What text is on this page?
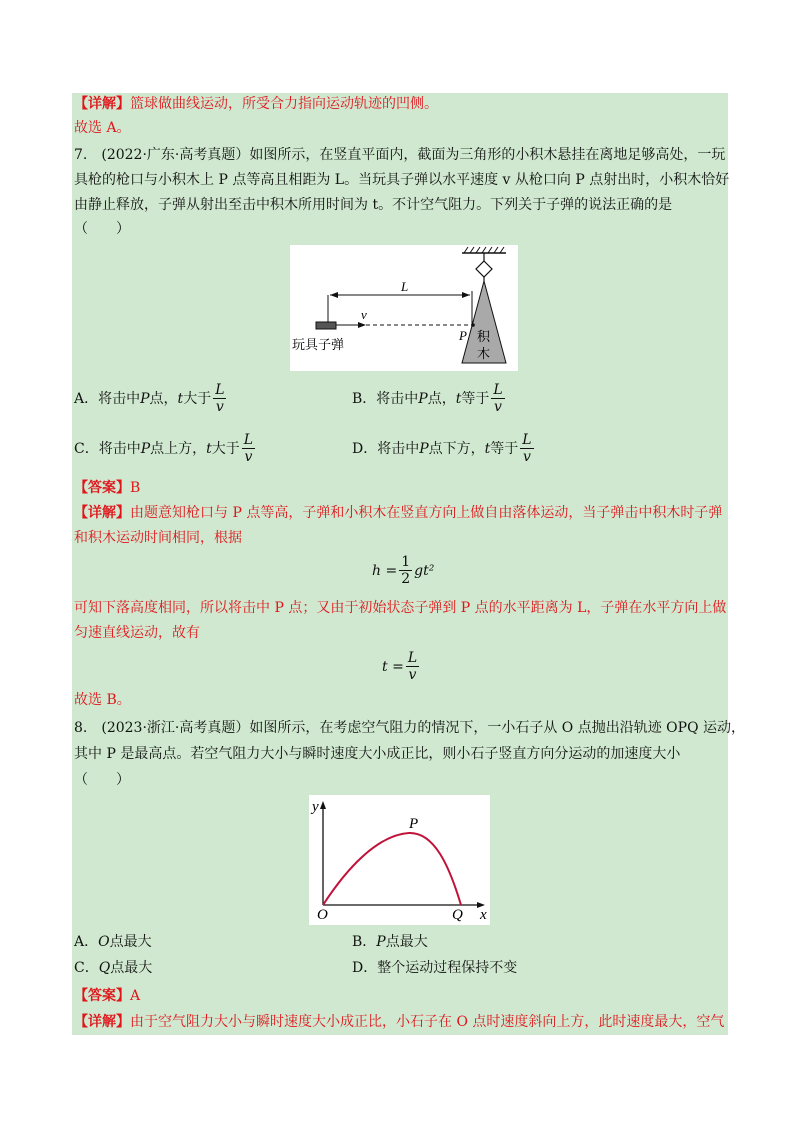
【详解】篮球做曲线运动，所受合力指向运动轨迹的凹侧。
故选 A。
7.　(2022·广东·高考真题）如图所示，在竖直平面内，截面为三角形的小积木悬挂在离地足够高处，一玩
具枪的枪口与小积木上 P 点等高且相距为 L。当玩具子弹以水平速度 v 从枪口向 P 点射出时，小积木恰好
由静止释放，子弹从射出至击中积木所用时间为 t。不计空气阻力。下列关于子弹的说法正确的是
（　　）
L
v
P
玩具子弹
积
木
A．将击中 P 点， t 大于 $\frac{L}{v}$	B．将击中 P 点， t 等于 $\frac{L}{v}$
C．将击中 P 点上方， t 大于 $\frac{L}{v}$	D．将击中 P 点下方， t 等于 $\frac{L}{v}$
【答案】B
【详解】由题意知枪口与 P 点等高，子弹和小积木在竖直方向上做自由落体运动，当子弹击中积木时子弹
和积木运动时间相同，根据
$h = \frac{1}{2} gt^2$
可知下落高度相同，所以将击中 P 点；又由于初始状态子弹到 P 点的水平距离为 L，子弹在水平方向上做
匀速直线运动，故有
$t = \frac{L}{v}$
故选 B。
8.　(2023·浙江·高考真题）如图所示，在考虑空气阻力的情况下，一小石子从 O 点抛出沿轨迹 OPQ 运动，
其中 P 是最高点。若空气阻力大小与瞬时速度大小成正比，则小石子竖直方向分运动的加速度大小
（　　）
y
x
O
P
Q
A． O 点最大	B． P 点最大
C． Q 点最大	D． 整个运动过程保持不变
【答案】A
【详解】由于空气阻力大小与瞬时速度大小成正比，小石子在 O 点时速度斜向上方，此时速度最大，空气
